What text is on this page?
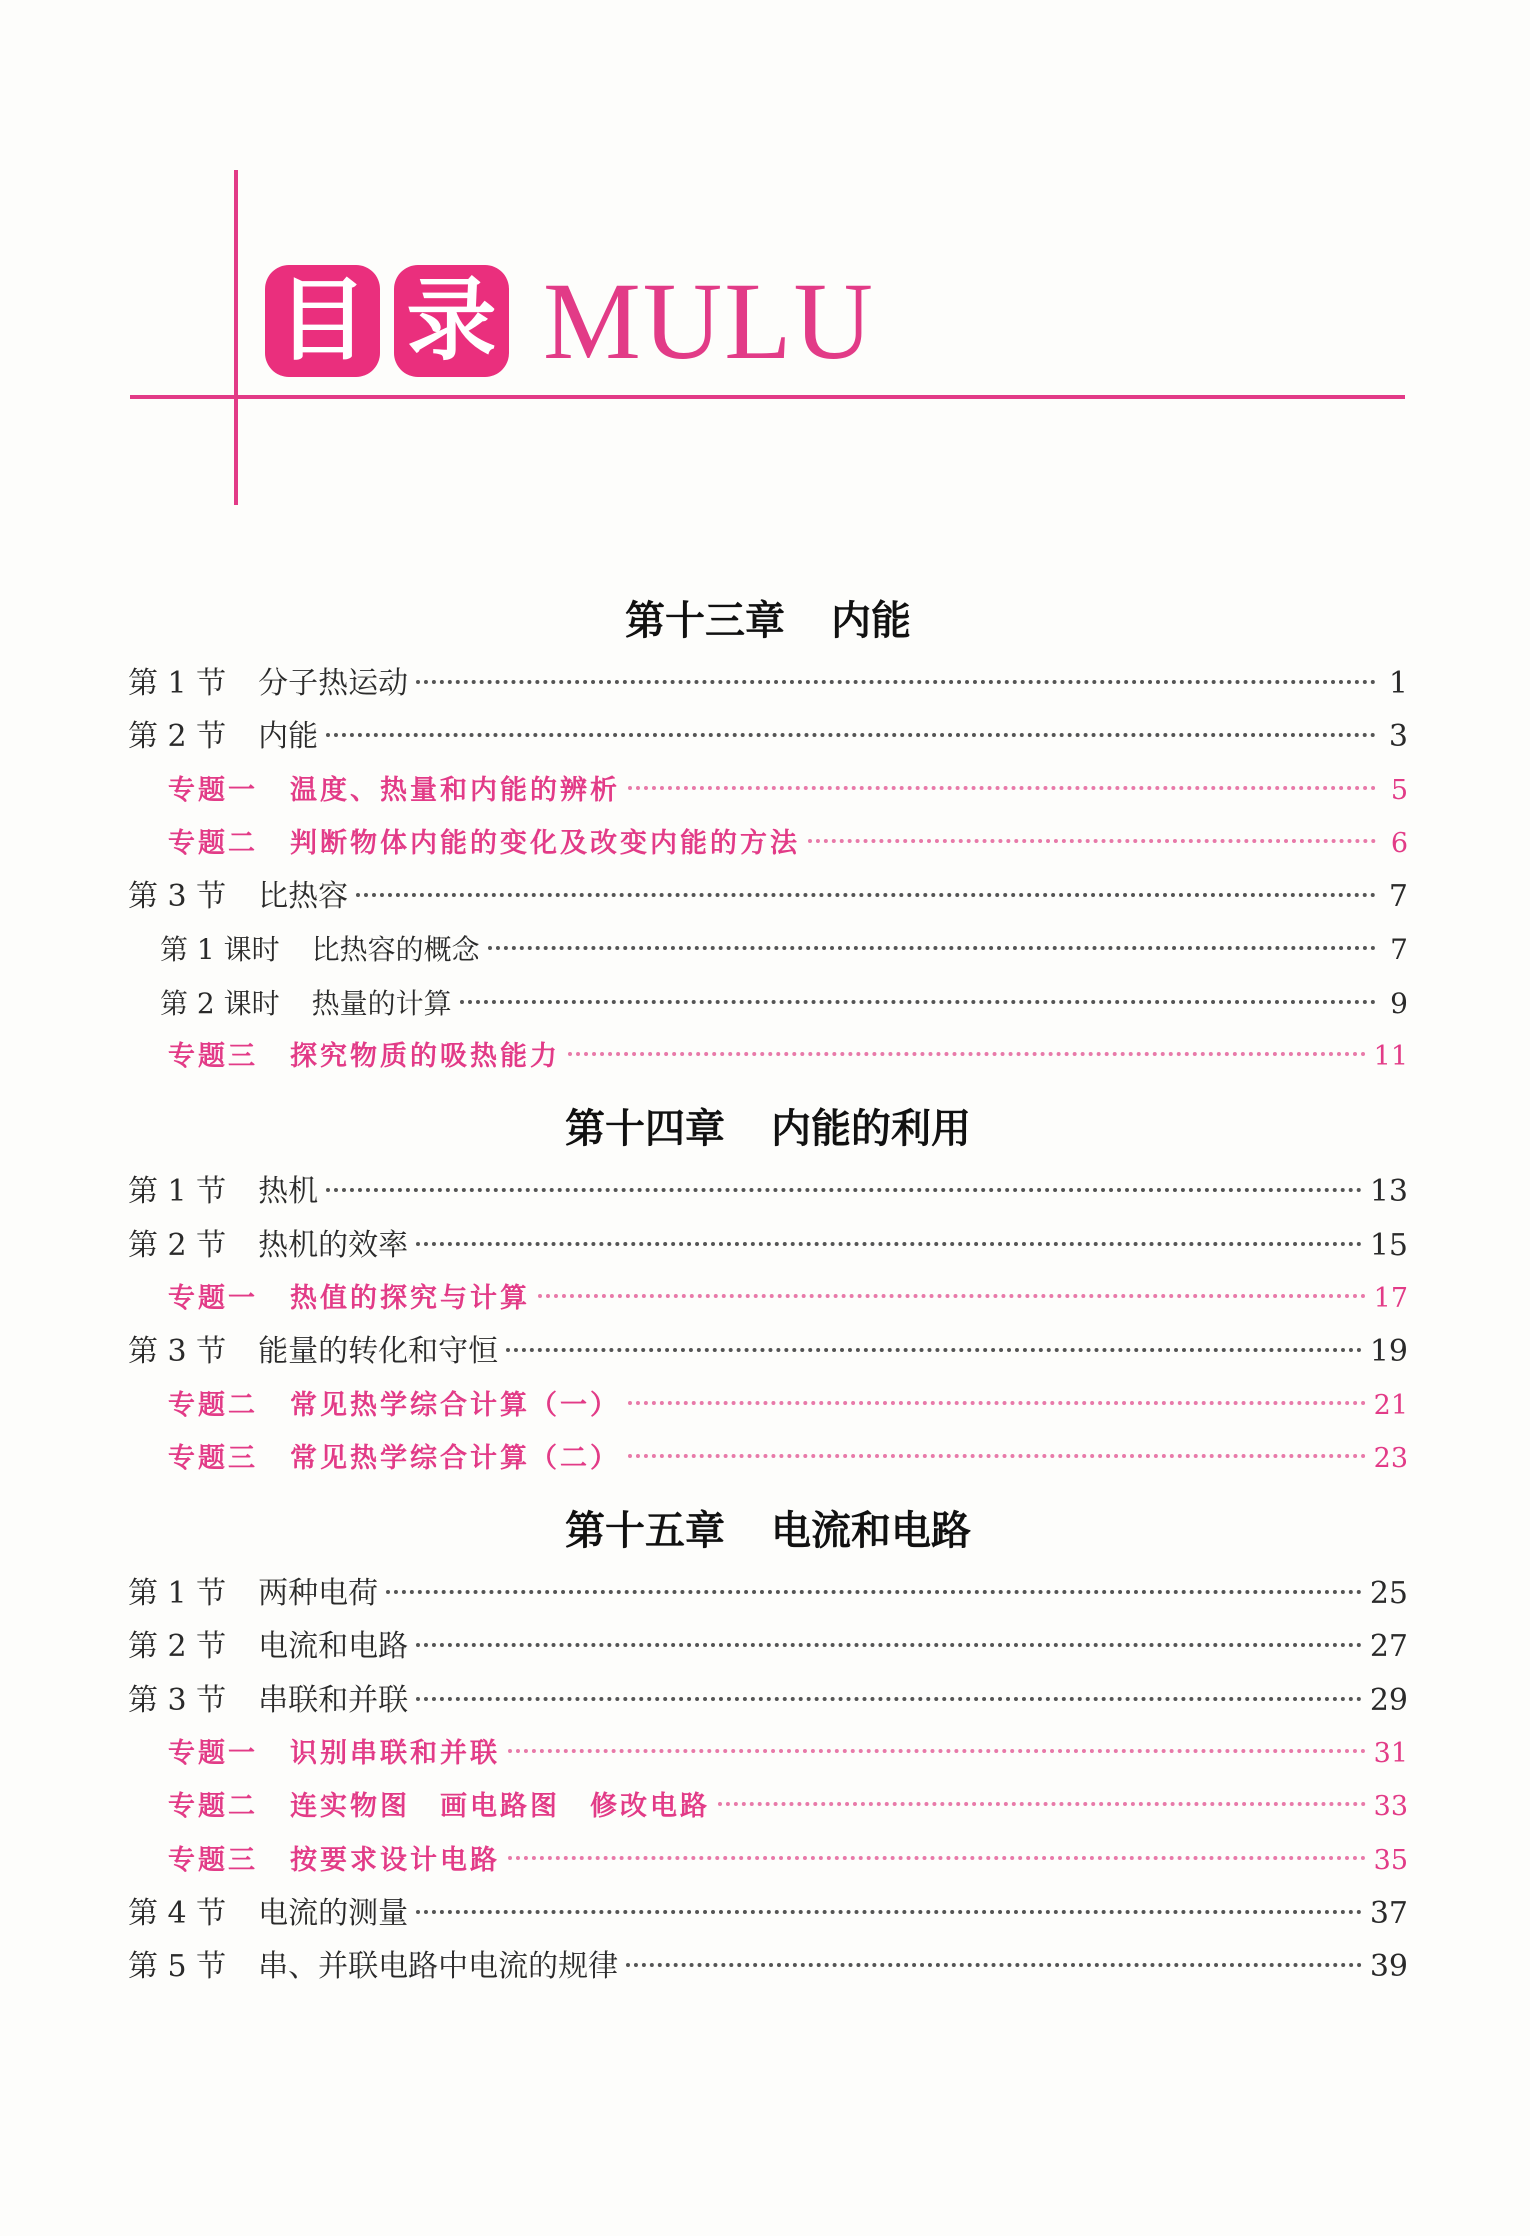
目 录 MULU
第十三章 内能
第 1 节 分子热运动	1
第 2 节 内能	3
专题一 温度、热量和内能的辨析	5
专题二 判断物体内能的变化及改变内能的方法	6
第 3 节 比热容	7
第 1 课时 比热容的概念	7
第 2 课时 热量的计算	9
专题三 探究物质的吸热能力	11
第十四章 内能的利用
第 1 节 热机	13
第 2 节 热机的效率	15
专题一 热值的探究与计算	17
第 3 节 能量的转化和守恒	19
专题二 常见热学综合计算（一）	21
专题三 常见热学综合计算（二）	23
第十五章 电流和电路
第 1 节 两种电荷	25
第 2 节 电流和电路	27
第 3 节 串联和并联	29
专题一 识别串联和并联	31
专题二 连实物图　画电路图　修改电路	33
专题三 按要求设计电路	35
第 4 节 电流的测量	37
第 5 节 串、并联电路中电流的规律	39
